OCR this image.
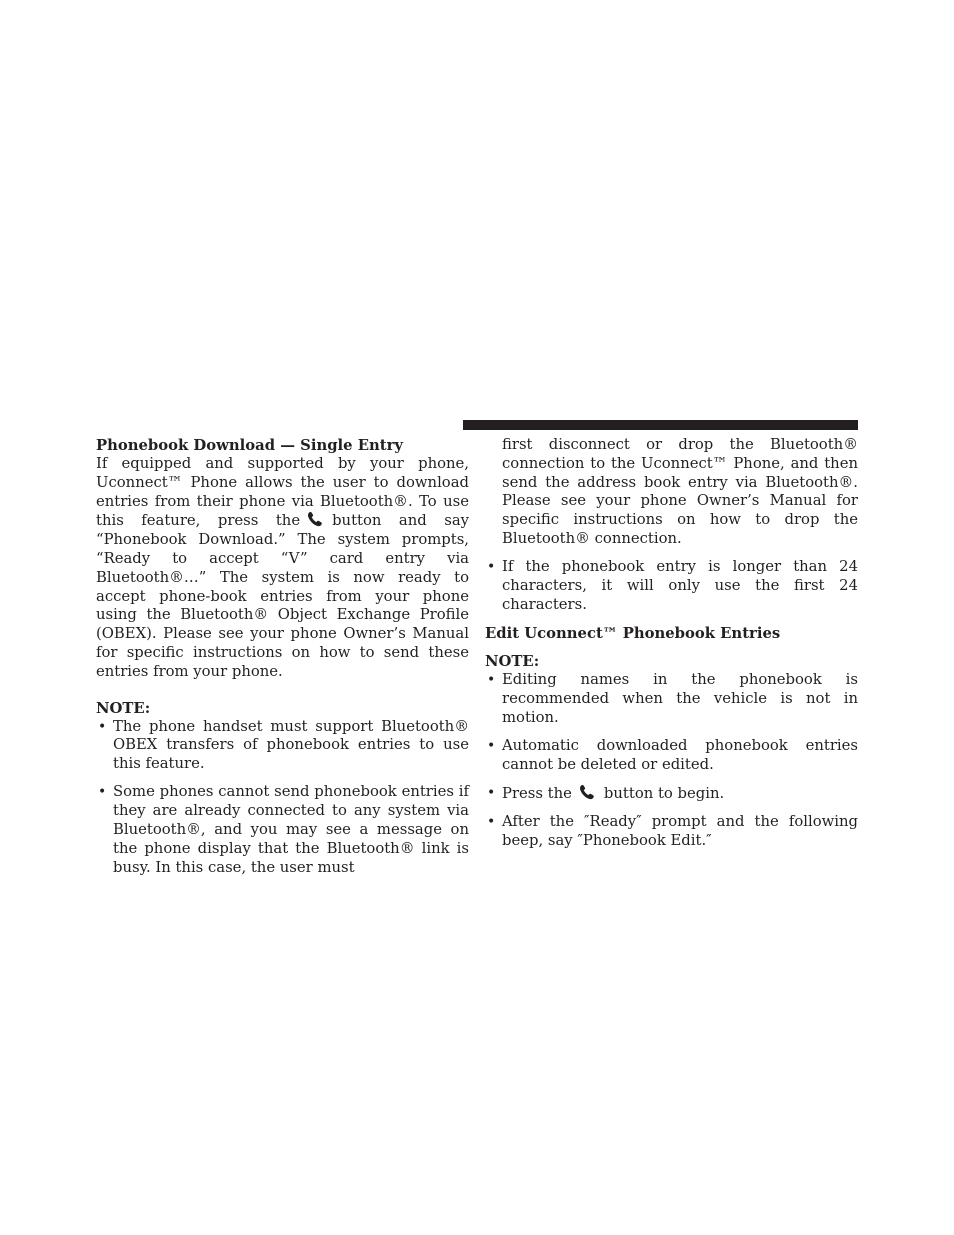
Phonebook Download — Single Entry

If equipped and supported by your phone, Uconnect™ Phone allows the user to download entries from their phone via Bluetooth®. To use this feature, press the button and say “Phonebook Download.” The system prompts, “Ready to accept “V” card entry via Bluetooth®…” The system is now ready to accept phone-book entries from your phone using the Bluetooth® Object Exchange Profile (OBEX). Please see your phone Owner’s Manual for specific instructions on how to send these entries from your phone.

NOTE:
• The phone handset must support Bluetooth® OBEX transfers of phonebook entries to use this feature.
• Some phones cannot send phonebook entries if they are already connected to any system via Bluetooth®, and you may see a message on the phone display that the Bluetooth® link is busy. In this case, the user must

first disconnect or drop the Bluetooth® connection to the Uconnect™ Phone, and then send the address book entry via Bluetooth®. Please see your phone Owner’s Manual for specific instructions on how to drop the Bluetooth® connection.

• If the phonebook entry is longer than 24 characters, it will only use the first 24 characters.
Edit Uconnect™ Phonebook Entries
NOTE:
• Editing names in the phonebook is recommended when the vehicle is not in motion.
• Automatic downloaded phonebook entries cannot be deleted or edited.
• Press the button to begin.
• After the ″Ready″ prompt and the following beep, say ″Phonebook Edit.″
